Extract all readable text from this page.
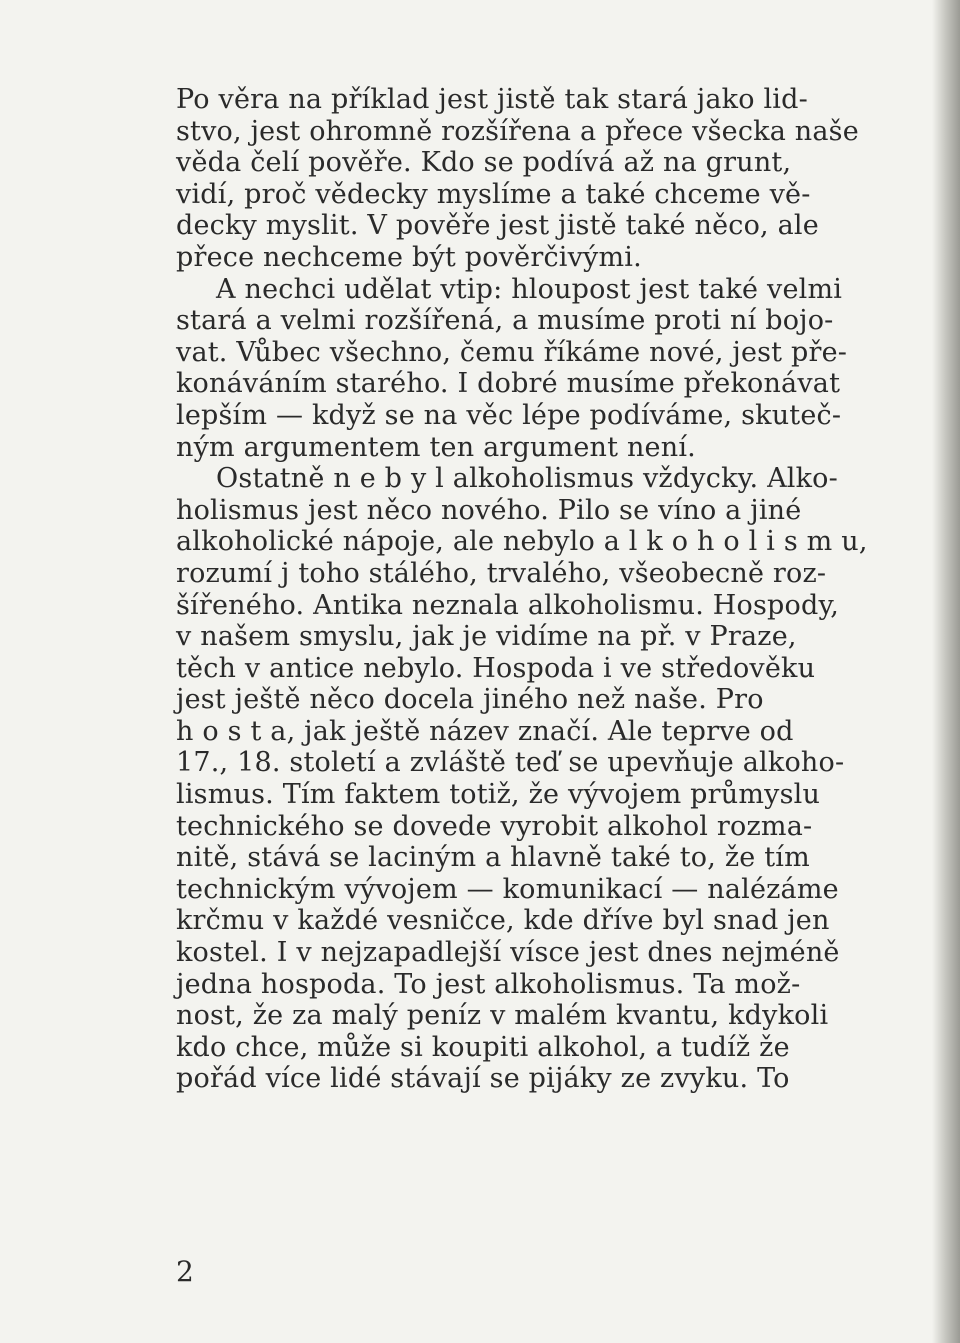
Po věra na příklad jest jistě tak stará jako lid-
stvo, jest ohromně rozšířena a přece všecka naše
věda čelí pověře. Kdo se podívá až na grunt,
vidí, proč vědecky myslíme a také chceme vě-
decky myslit. V pověře jest jistě také něco, ale
přece nechceme být pověrčivými.
A nechci udělat vtip: hloupost jest také velmi
stará a velmi rozšířená, a musíme proti ní bojo-
vat. Vůbec všechno, čemu říkáme nové, jest pře-
konáváním starého. I dobré musíme překonávat
lepším — když se na věc lépe podíváme, skuteč-
ným argumentem ten argument není.
Ostatně n e b y l alkoholismus vždycky. Alko-
holismus jest něco nového. Pilo se víno a jiné
alkoholické nápoje, ale nebylo a l k o h o l i s m u,
rozumí j toho stálého, trvalého, všeobecně roz-
šířeného. Antika neznala alkoholismu. Hospody,
v našem smyslu, jak je vidíme na př. v Praze,
těch v antice nebylo. Hospoda i ve středověku
jest ještě něco docela jiného než naše. Pro
h o s t a, jak ještě název značí. Ale teprve od
17., 18. století a zvláště teď se upevňuje alkoho-
lismus. Tím faktem totiž, že vývojem průmyslu
technického se dovede vyrobit alkohol rozma-
nitě, stává se laciným a hlavně také to, že tím
technickým vývojem — komunikací — nalézáme
krčmu v každé vesničce, kde dříve byl snad jen
kostel. I v nejzapadlejší vísce jest dnes nejméně
jedna hospoda. To jest alkoholismus. Ta mož-
nost, že za malý peníz v malém kvantu, kdykoli
kdo chce, může si koupiti alkohol, a tudíž že
pořád více lidé stávají se pijáky ze zvyku. To
2
